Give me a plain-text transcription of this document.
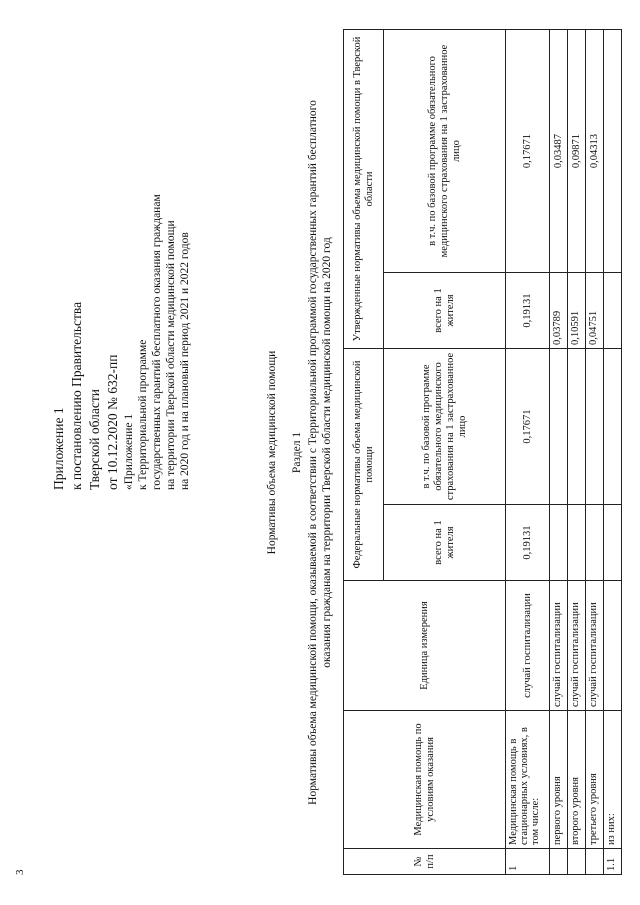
3
Приложение 1 к постановлению Правительства Тверской области от 10.12.2020 № 632-пп «Приложение 1 к Территориальной программе государственных гарантий бесплатного оказания гражданам на территории Тверской области медицинской помощи на 2020 год и на плановый период 2021 и 2022 годов	Нормативы объема медицинской помощи Раздел 1 Нормативы объема медицинской помощи, оказываемой в соответствии с Территориальной программой государственных гарантий бесплатного оказания гражданам на территории Тверской области медицинской помощи на 2020 год
№ п/п	Медицинская помощь по условиям оказания	Единица измерения	Федеральные нормативы объема медицинской помощи		Утвержденные нормативы объема медицинской помощи в Тверской области	
			всего на 1 жителя	в т.ч. по базовой программе обязательного медицинского страхования на 1 застрахованное лицо	всего на 1 жителя	в т.ч. по базовой программе обязательного медицинского страхования на 1 застрахованное лицо
1	Медицинская помощь в стационарных условиях, в том числе:	случай госпитализации	0,19131	0,17671	0,19131	0,17671
	первого уровня	случай госпитализации			0,03789	0,03487
	второго уровня	случай госпитализации			0,10591	0,09871
	третьего уровня	случай госпитализации			0,04751	0,04313
1.1	из них:					
